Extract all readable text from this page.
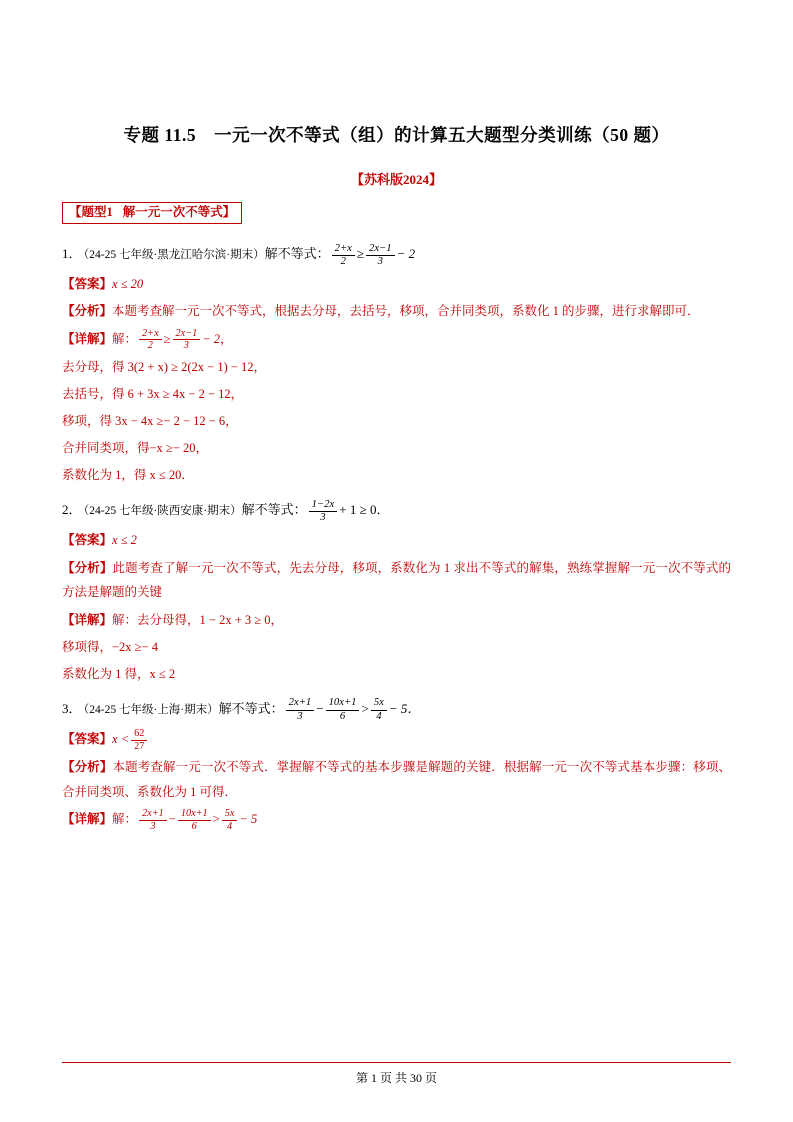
专题 11.5　一元一次不等式（组）的计算五大题型分类训练（50 题）
【苏科版2024】
【题型1 解一元一次不等式】
1． （24-25 七年级·黑龙江哈尔滨·期末）解不等式： $\frac{2+x}{2} \ge \frac{2x-1}{3} - 2$
【答案】x ≤ 20
【分析】本题考查解一元一次不等式，根据去分母，去括号，移项，合并同类项，系数化 1 的步骤，进行求解即可．
【详解】解： $\frac{2+x}{2} \ge \frac{2x-1}{3} - 2$，
去分母，得 3(2 + x) ≥ 2(2x − 1) − 12，
去括号，得 6 + 3x ≥ 4x − 2 − 12，
移项，得 3x − 4x ≥− 2 − 12 − 6，
合并同类项，得−x ≥− 20，
系数化为 1，得 x ≤ 20．
2． （24-25 七年级·陕西安康·期末）解不等式： $\frac{1-2x}{3} + 1 \ge 0$．
【答案】x ≤ 2
【分析】此题考查了解一元一次不等式，先去分母，移项，系数化为 1 求出不等式的解集，熟练掌握解一元一次不等式的方法是解题的关键
【详解】解：去分母得，1 − 2x + 3 ≥ 0，
移项得，−2x ≥− 4
系数化为 1 得，x ≤ 2
3． （24-25 七年级·上海·期末）解不等式： $\frac{2x+1}{3} - \frac{10x+1}{6} > \frac{5x}{4} - 5$．
【答案】$x < \frac{62}{27}$
【分析】本题考查解一元一次不等式．掌握解不等式的基本步骤是解题的关键．根据解一元一次不等式基本步骤：移项、合并同类项、系数化为 1 可得．
【详解】解： $\frac{2x+1}{3} - \frac{10x+1}{6} > \frac{5x}{4} - 5$
第 1 页 共 30 页
